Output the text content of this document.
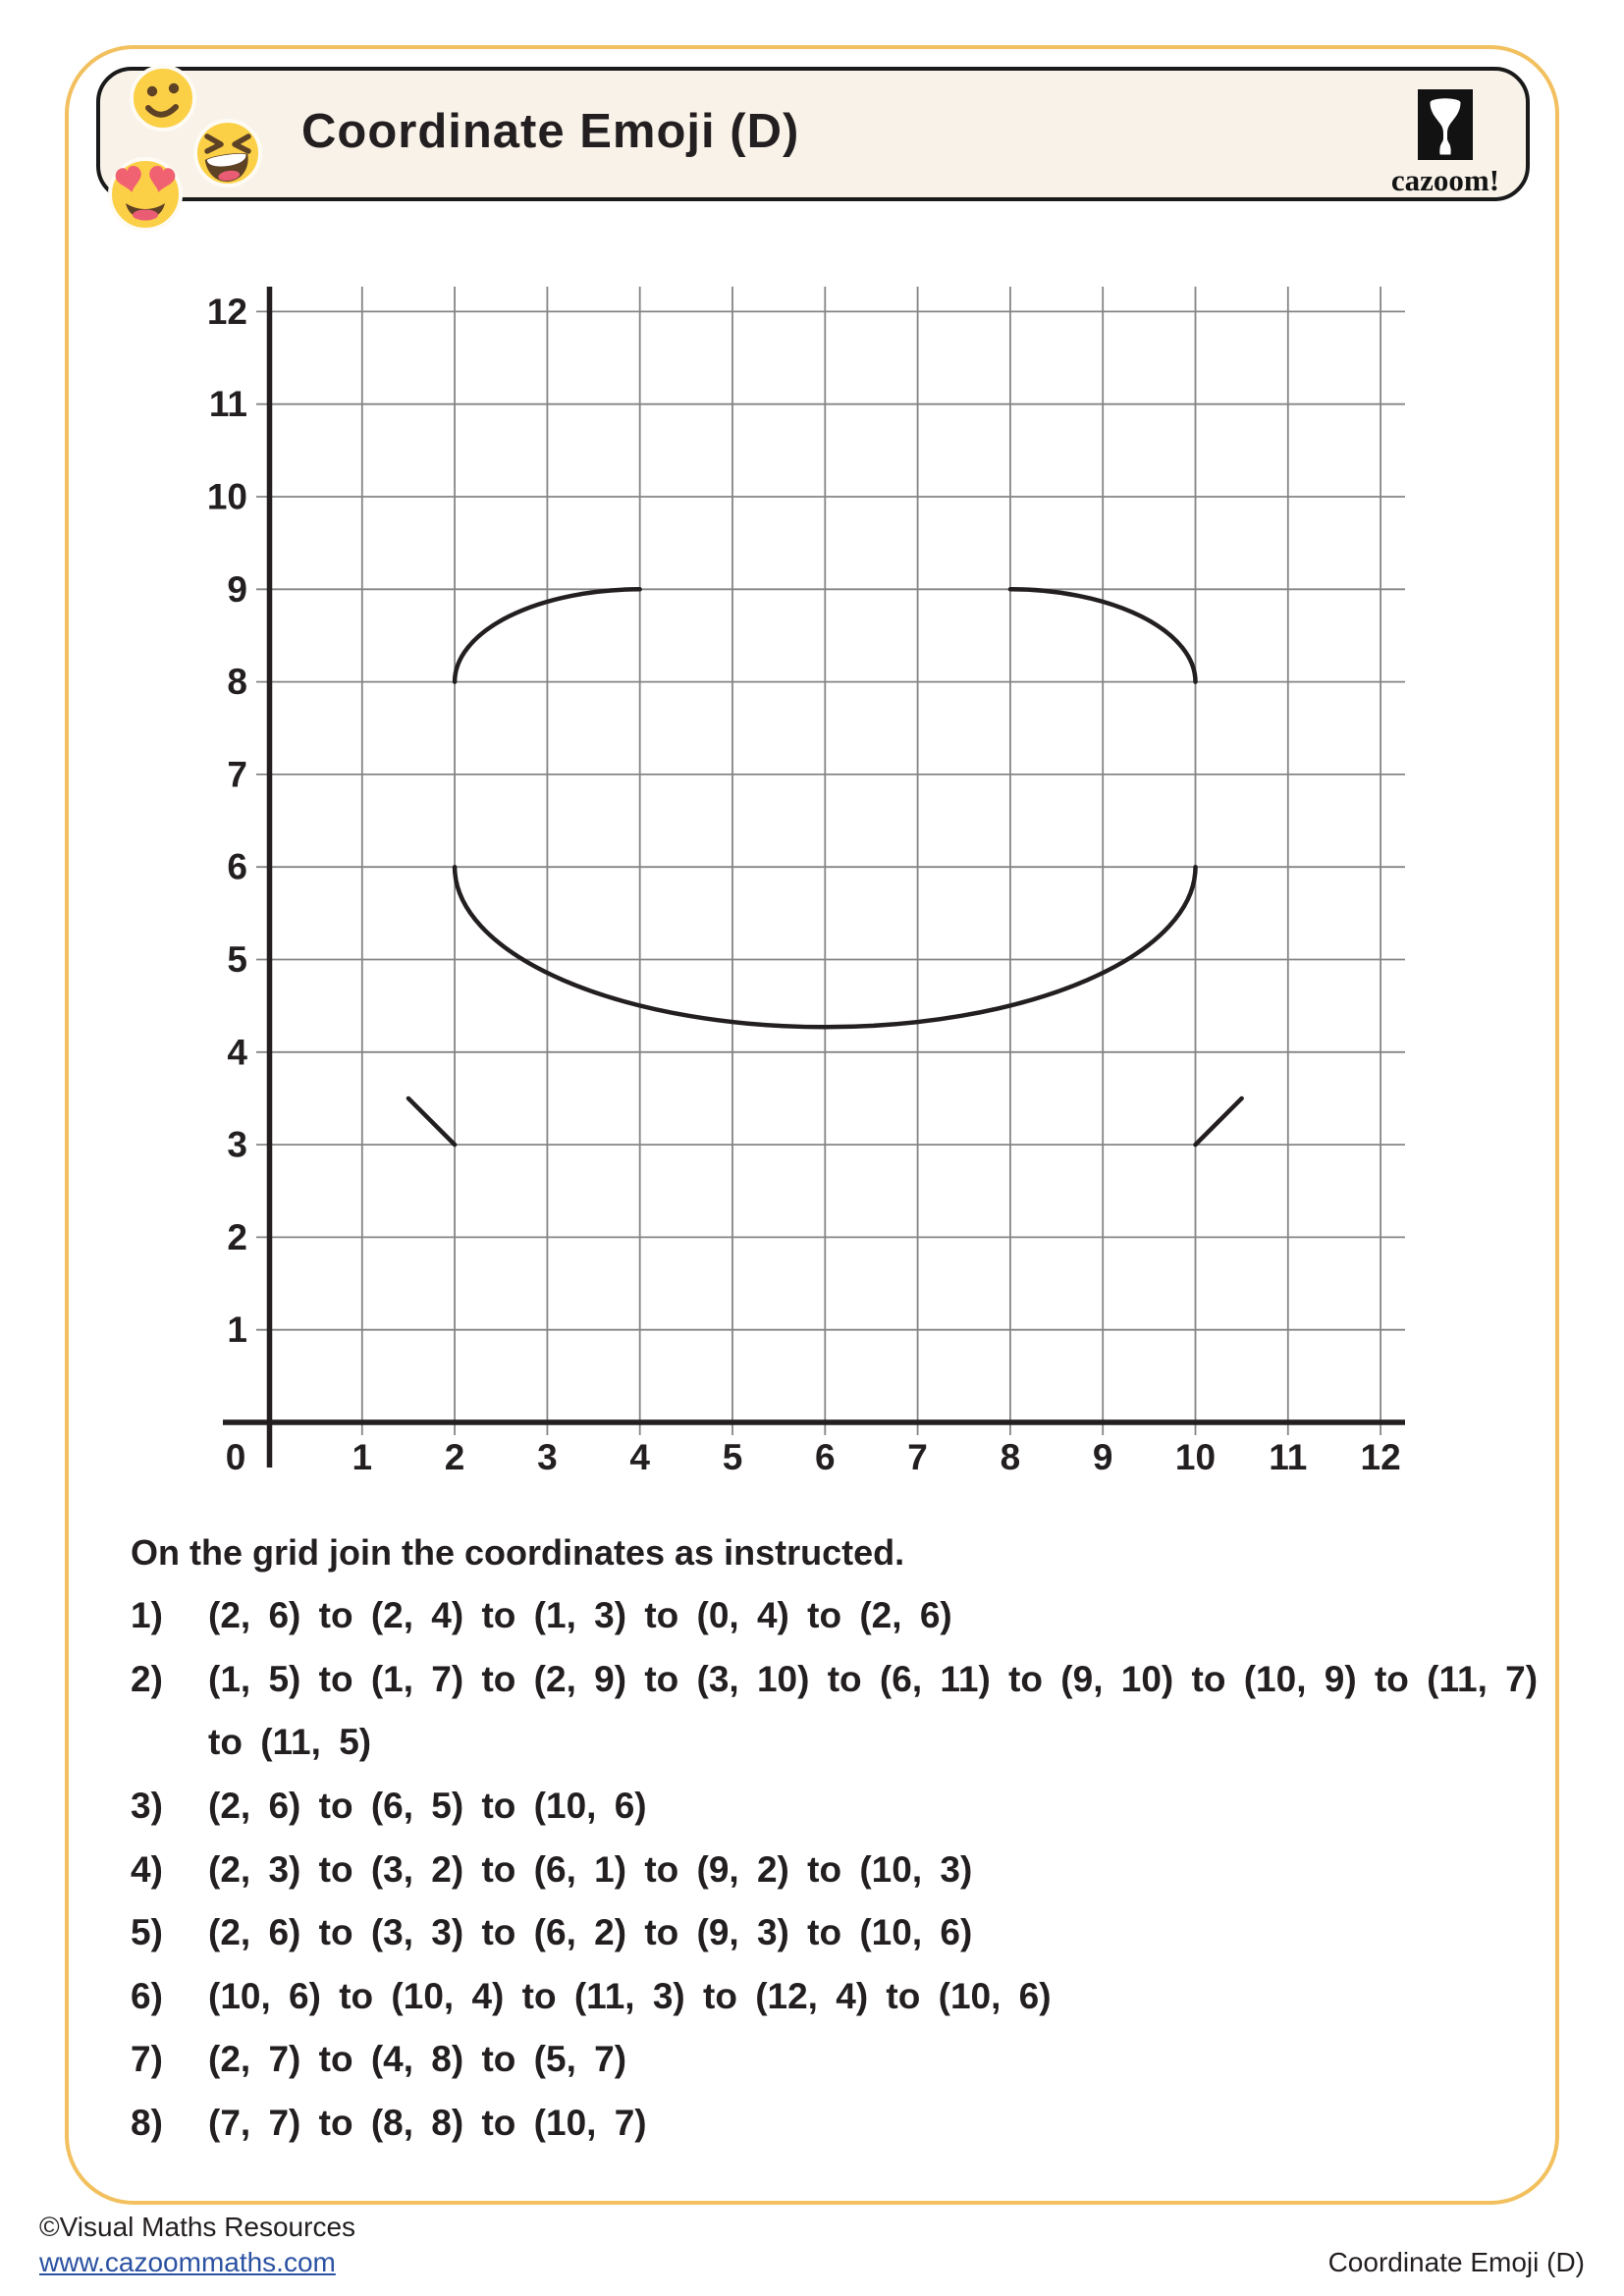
Coordinate Emoji (D)
cazoom!
1
2
3
4
5
6
7
8
9
10
11
12
0	1 2 3 4 5 6 7 8 9 10 11 12
On the grid join the coordinates as instructed.
1)	(2, 6) to (2, 4) to (1, 3) to (0, 4) to (2, 6)
2)	(1, 5) to (1, 7) to (2, 9) to (3, 10) to (6, 11) to (9, 10) to (10, 9) to (11, 7)
to (11, 5)
3)	(2, 6) to (6, 5) to (10, 6)
4)	(2, 3) to (3, 2) to (6, 1) to (9, 2) to (10, 3)
5)	(2, 6) to (3, 3) to (6, 2) to (9, 3) to (10, 6)
6)	(10, 6) to (10, 4) to (11, 3) to (12, 4) to (10, 6)
7)	(2, 7) to (4, 8) to (5, 7)
8)	(7, 7) to (8, 8) to (10, 7)
©Visual Maths Resources
www.cazoommaths.com	Coordinate Emoji (D)
